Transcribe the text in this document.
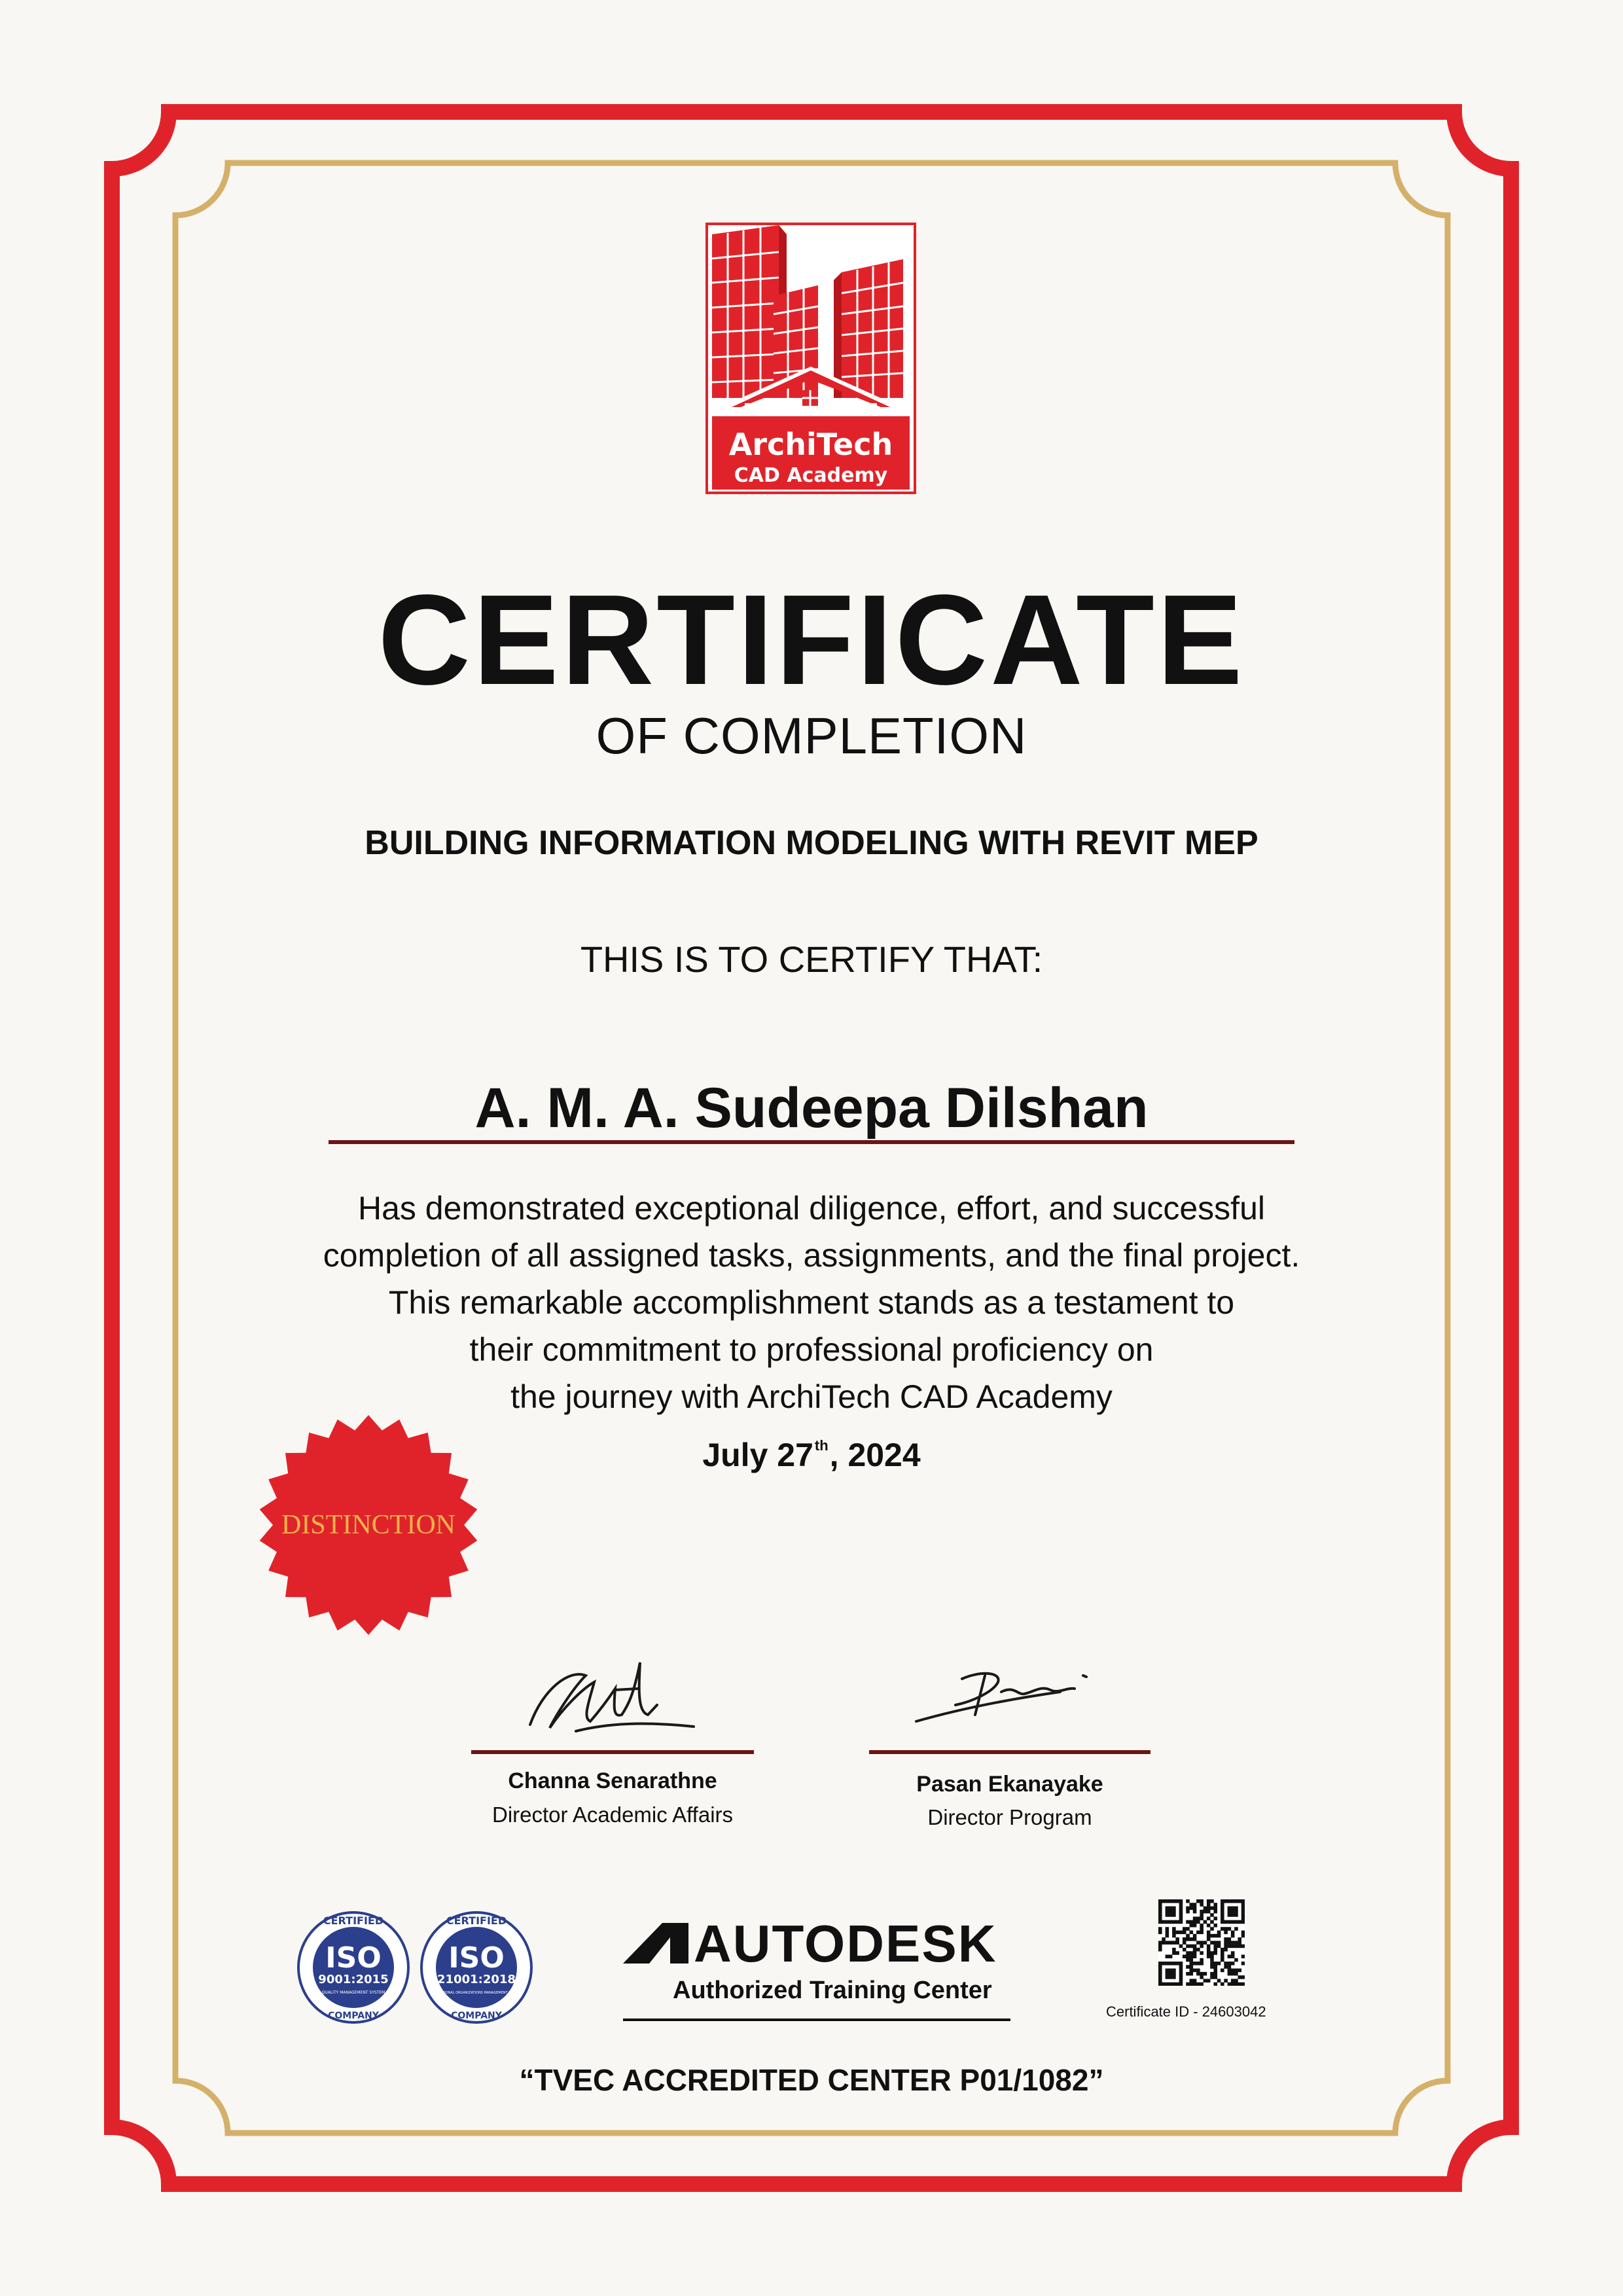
ArchiTech
CAD Academy
CERTIFICATE
OF COMPLETION
BUILDING INFORMATION MODELING WITH REVIT MEP
THIS IS TO CERTIFY THAT:
A. M. A. Sudeepa Dilshan
Has demonstrated exceptional diligence, effort, and successful
completion of all assigned tasks, assignments, and the final project.
This remarkable accomplishment stands as a testament to
their commitment to professional proficiency on
the journey with ArchiTech CAD Academy
July 27th, 2024
DISTINCTION
Channa Senarathne
Director Academic Affairs
Pasan Ekanayake
Director Program
CERTIFIED
ISO
9001:2015
QUALITY MANAGEMENT SYSTEM
COMPANY
CERTIFIED
ISO
21001:2018
EDUCATIONAL ORGANIZATIONS MANAGEMENT SYSTEM
COMPANY
AUTODESK
Authorized Training Center
Certificate ID - 24603042
“TVEC ACCREDITED CENTER P01/1082”
